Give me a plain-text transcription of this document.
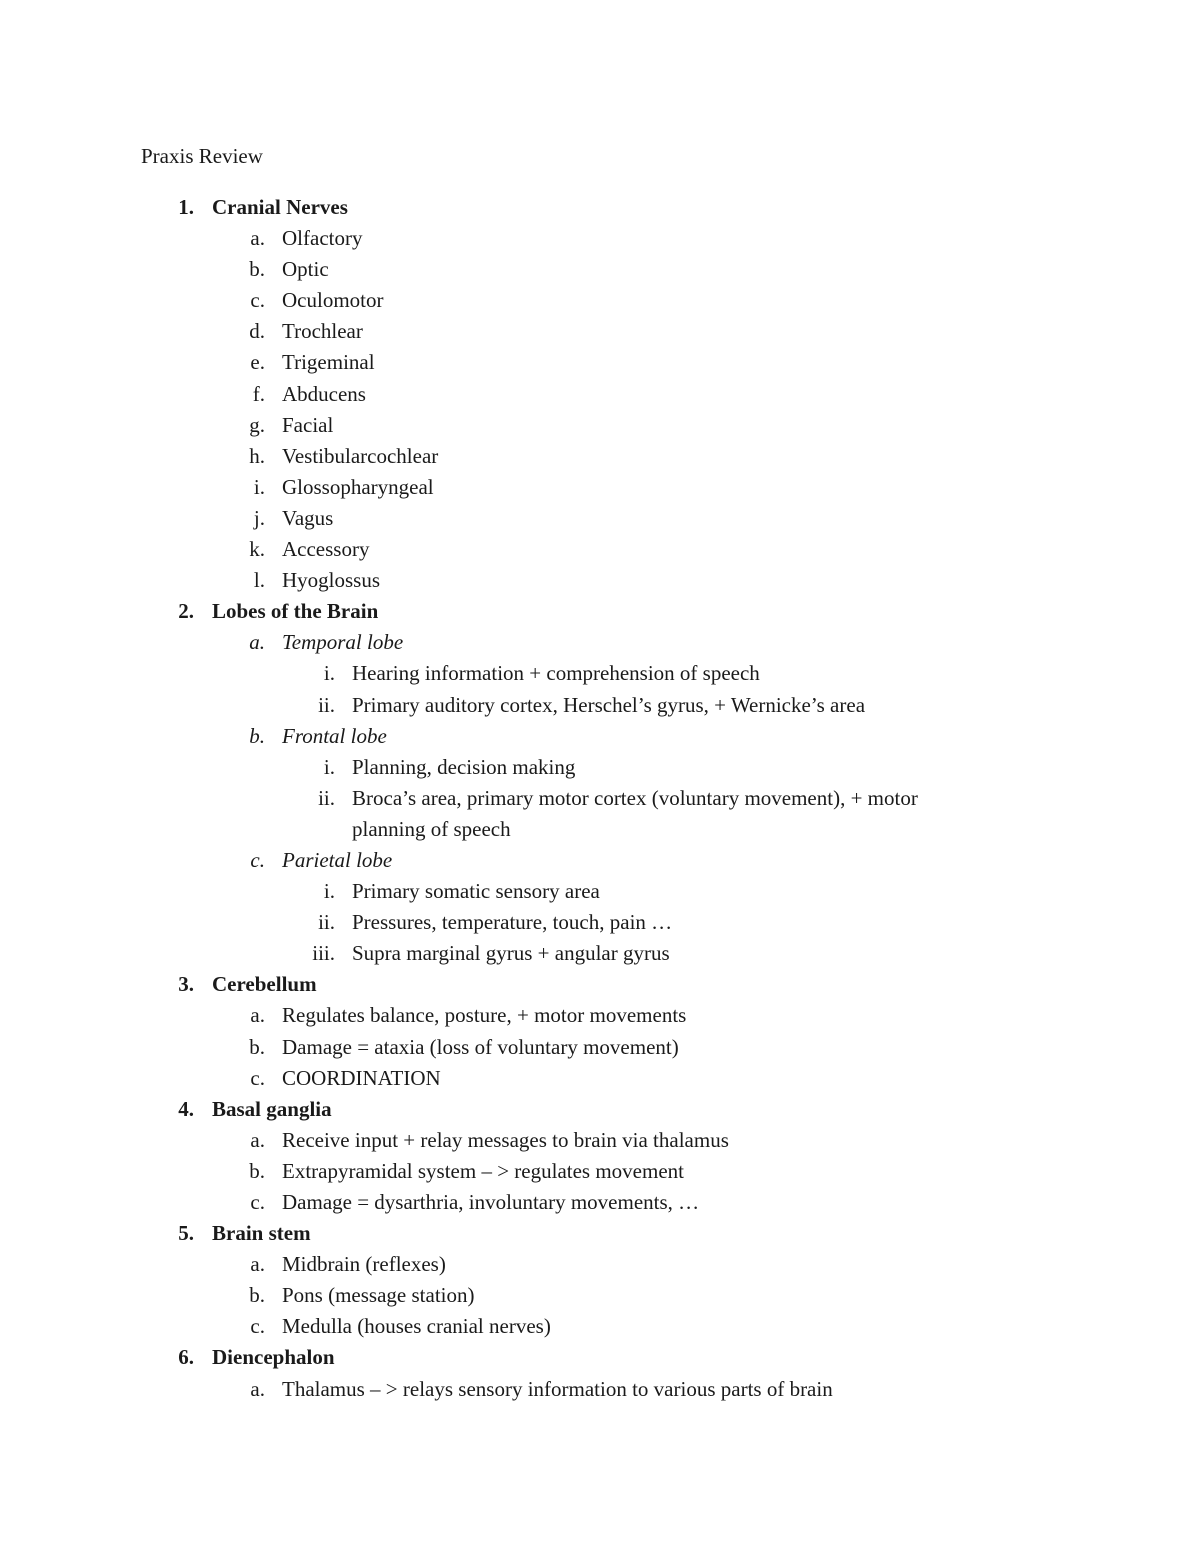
Praxis Review
1. Cranial Nerves
a. Olfactory
b. Optic
c. Oculomotor
d. Trochlear
e. Trigeminal
f. Abducens
g. Facial
h. Vestibularcochlear
i. Glossopharyngeal
j. Vagus
k. Accessory
l. Hyoglossus
2. Lobes of the Brain
a. Temporal lobe
i. Hearing information + comprehension of speech
ii. Primary auditory cortex, Herschel’s gyrus, + Wernicke’s area
b. Frontal lobe
i. Planning, decision making
ii. Broca’s area, primary motor cortex (voluntary movement), + motor
planning of speech
c. Parietal lobe
i. Primary somatic sensory area
ii. Pressures, temperature, touch, pain …
iii. Supra marginal gyrus + angular gyrus
3. Cerebellum
a. Regulates balance, posture, + motor movements
b. Damage = ataxia (loss of voluntary movement)
c. COORDINATION
4. Basal ganglia
a. Receive input + relay messages to brain via thalamus
b. Extrapyramidal system – > regulates movement
c. Damage = dysarthria, involuntary movements, …
5. Brain stem
a. Midbrain (reflexes)
b. Pons (message station)
c. Medulla (houses cranial nerves)
6. Diencephalon
a. Thalamus – > relays sensory information to various parts of brain
